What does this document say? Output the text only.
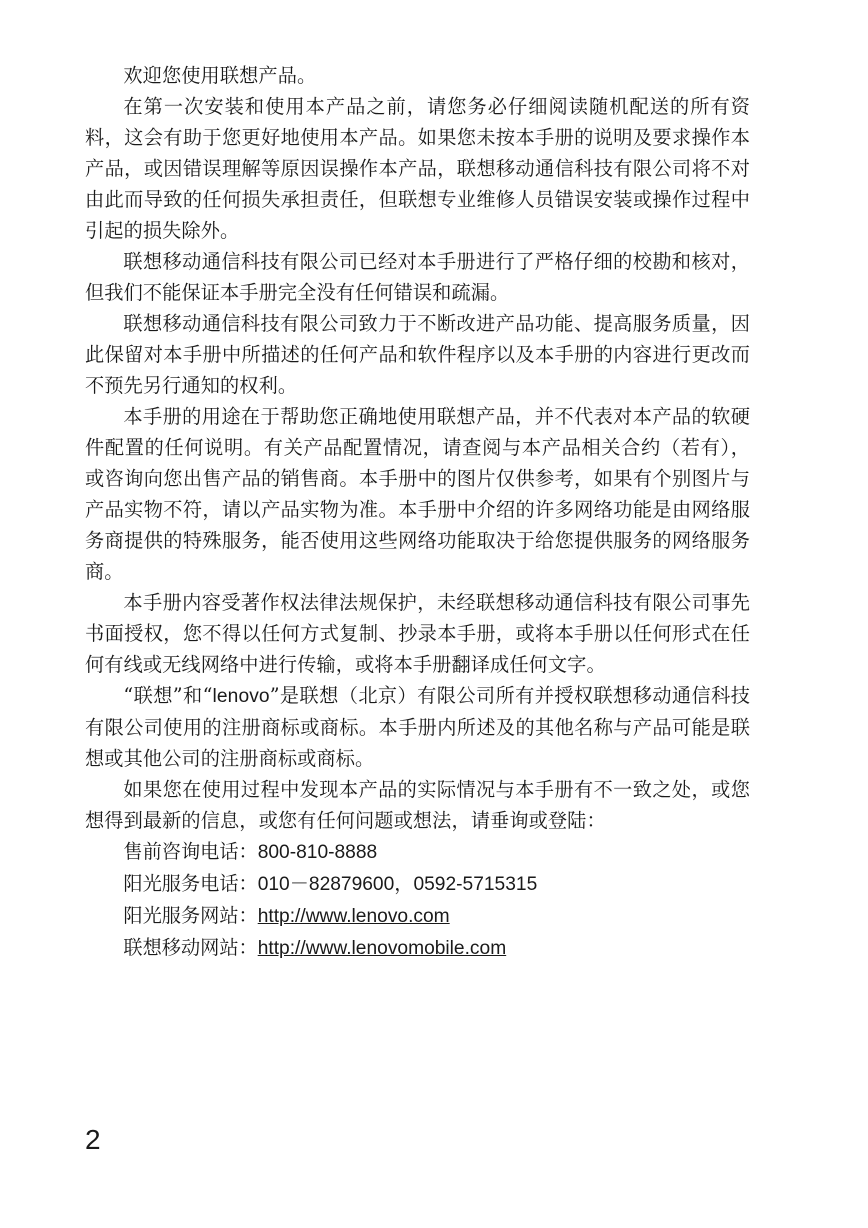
欢迎您使用联想产品。

在第一次安装和使用本产品之前，请您务必仔细阅读随机配送的所有资料，这会有助于您更好地使用本产品。如果您未按本手册的说明及要求操作本产品，或因错误理解等原因误操作本产品，联想移动通信科技有限公司将不对由此而导致的任何损失承担责任，但联想专业维修人员错误安装或操作过程中引起的损失除外。

联想移动通信科技有限公司已经对本手册进行了严格仔细的校勘和核对，但我们不能保证本手册完全没有任何错误和疏漏。

联想移动通信科技有限公司致力于不断改进产品功能、提高服务质量，因此保留对本手册中所描述的任何产品和软件程序以及本手册的内容进行更改而不预先另行通知的权利。

本手册的用途在于帮助您正确地使用联想产品，并不代表对本产品的软硬件配置的任何说明。有关产品配置情况，请查阅与本产品相关合约（若有），或咨询向您出售产品的销售商。本手册中的图片仅供参考，如果有个别图片与产品实物不符，请以产品实物为准。本手册中介绍的许多网络功能是由网络服务商提供的特殊服务，能否使用这些网络功能取决于给您提供服务的网络服务商。

本手册内容受著作权法律法规保护，未经联想移动通信科技有限公司事先书面授权，您不得以任何方式复制、抄录本手册，或将本手册以任何形式在任何有线或无线网络中进行传输，或将本手册翻译成任何文字。

“联想”和“lenovo”是联想（北京）有限公司所有并授权联想移动通信科技有限公司使用的注册商标或商标。本手册内所述及的其他名称与产品可能是联想或其他公司的注册商标或商标。

如果您在使用过程中发现本产品的实际情况与本手册有不一致之处，或您想得到最新的信息，或您有任何问题或想法，请垂询或登陆：

售前咨询电话：800-810-8888

阳光服务电话：010－82879600，0592-5715315

阳光服务网站：http://www.lenovo.com

联想移动网站：http://www.lenovomobile.com

2
